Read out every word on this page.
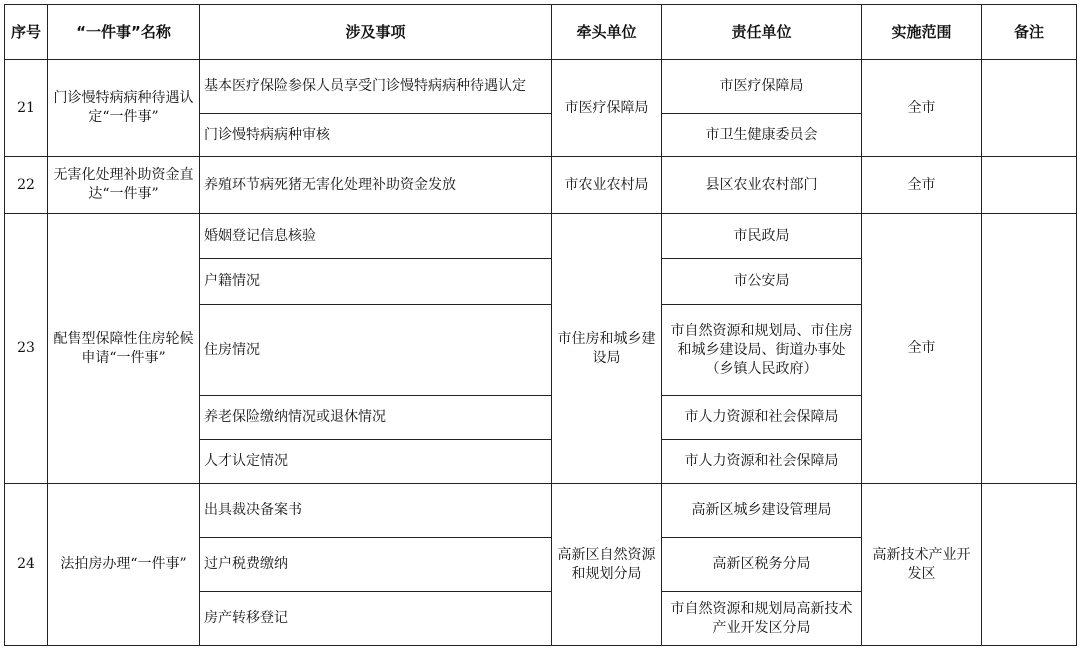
序号	“一件事”名称	涉及事项	牵头单位	责任单位	实施范围	备注
21	门诊慢特病病种待遇认定“一件事”	基本医疗保险参保人员享受门诊慢特病病种待遇认定	市医疗保障局	市医疗保障局	全市	
		门诊慢特病病种审核		市卫生健康委员会		
22	无害化处理补助资金直达“一件事”	养殖环节病死猪无害化处理补助资金发放	市农业农村局	县区农业农村部门	全市	
23	配售型保障性住房轮候申请“一件事”	婚姻登记信息核验	市住房和城乡建设局	市民政局	全市	
		户籍情况		市公安局		
		住房情况		市自然资源和规划局、市住房和城乡建设局、街道办事处（乡镇人民政府）		
		养老保险缴纳情况或退休情况		市人力资源和社会保障局		
		人才认定情况		市人力资源和社会保障局		
24	法拍房办理“一件事”	出具裁决备案书	高新区自然资源和规划分局	高新区城乡建设管理局	高新技术产业开发区	
		过户税费缴纳		高新区税务分局		
		房产转移登记		市自然资源和规划局高新技术产业开发区分局		
